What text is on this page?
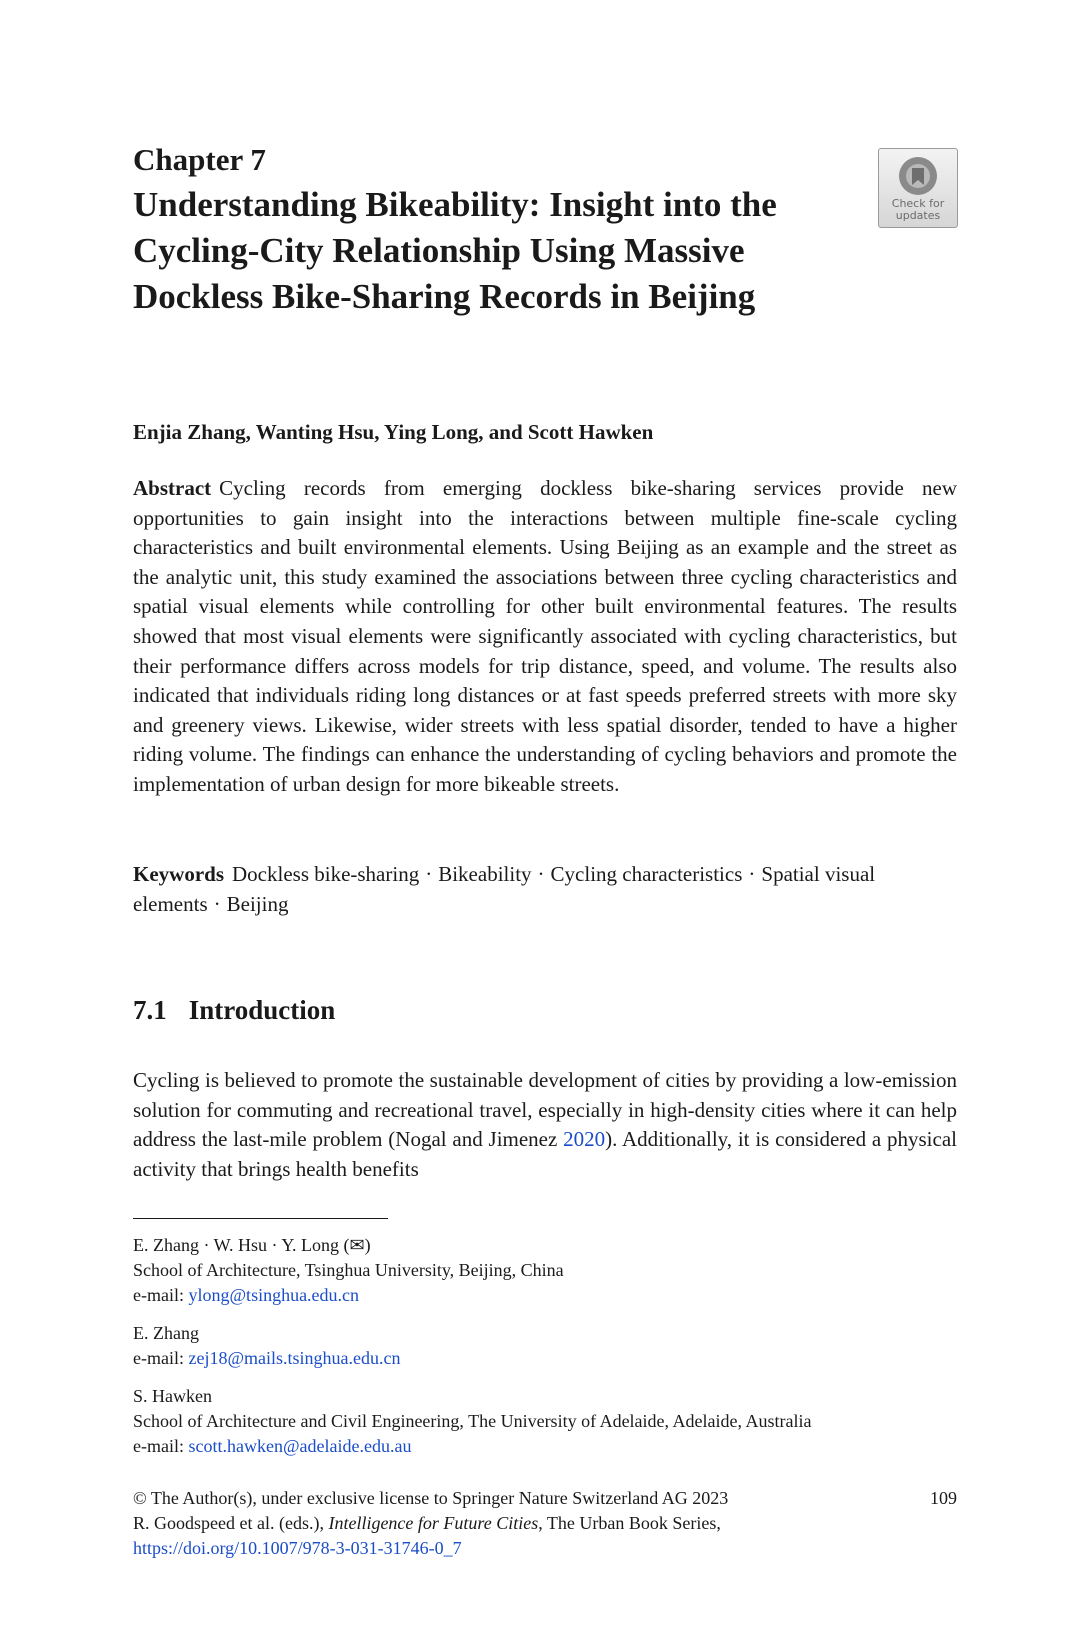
Chapter 7
Understanding Bikeability: Insight into the Cycling-City Relationship Using Massive Dockless Bike-Sharing Records in Beijing
Check for
updates
Enjia Zhang, Wanting Hsu, Ying Long, and Scott Hawken

Abstract Cycling records from emerging dockless bike-sharing services provide new opportunities to gain insight into the interactions between multiple fine-scale cycling characteristics and built environmental elements. Using Beijing as an example and the street as the analytic unit, this study examined the associations between three cycling characteristics and spatial visual elements while controlling for other built environmental features. The results showed that most visual elements were significantly associated with cycling characteristics, but their performance differs across models for trip distance, speed, and volume. The results also indicated that individuals riding long distances or at fast speeds preferred streets with more sky and greenery views. Likewise, wider streets with less spatial disorder, tended to have a higher riding volume. The findings can enhance the understanding of cycling behaviors and promote the implementation of urban design for more bikeable streets.

Keywords Dockless bike-sharing · Bikeability · Cycling characteristics · Spatial visual elements · Beijing

7.1 Introduction

Cycling is believed to promote the sustainable development of cities by providing a low-emission solution for commuting and recreational travel, especially in high-density cities where it can help address the last-mile problem (Nogal and Jimenez 2020). Additionally, it is considered a physical activity that brings health benefits

E. Zhang · W. Hsu · Y. Long (✉)
School of Architecture, Tsinghua University, Beijing, China
e-mail: ylong@tsinghua.edu.cn
E. Zhang
e-mail: zej18@mails.tsinghua.edu.cn
S. Hawken
School of Architecture and Civil Engineering, The University of Adelaide, Adelaide, Australia
e-mail: scott.hawken@adelaide.edu.au
© The Author(s), under exclusive license to Springer Nature Switzerland AG 2023
R. Goodspeed et al. (eds.), Intelligence for Future Cities, The Urban Book Series,
https://doi.org/10.1007/978-3-031-31746-0_7
109
